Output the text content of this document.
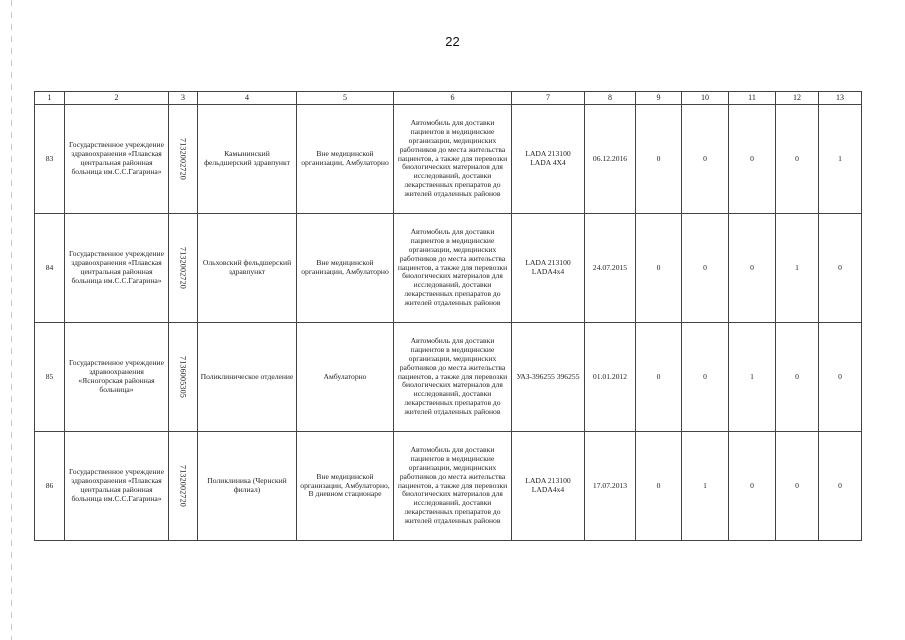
22
1	2	3	4	5	6	7	8	9	10	11	12	13
83	Государственное учреждение здравоохранения «Плавская центральная районная больница им.С.С.Гагарина»	7132002720	Камынинский фельдшерский здравпункт	Вне медицинской организации, Амбулаторно	Автомобиль для доставки пациентов в медицинские организации, медицинских работников до места жительства пациентов, а также для перевозки биологических материалов для исследований, доставки лекарственных препаратов до жителей отдаленных районов	LADA 213100 LADA 4X4	06.12.2016	0	0	0	0	1
84	Государственное учреждение здравоохранения «Плавская центральная районная больница им.С.С.Гагарина»	7132002720	Ольховский фельдшерский здравпункт	Вне медицинской организации, Амбулаторно	Автомобиль для доставки пациентов в медицинские организации, медицинских работников до места жительства пациентов, а также для перевозки биологических материалов для исследований, доставки лекарственных препаратов до жителей отдаленных районов	LADA 213100 LADA4x4	24.07.2015	0	0	0	1	0
85	Государственное учреждение здравоохранения «Ясногорская районная больница»	7136005305	Поликлиническое отделение	Амбулаторно	Автомобиль для доставки пациентов в медицинские организации, медицинских работников до места жительства пациентов, а также для перевозки биологических материалов для исследований, доставки лекарственных препаратов до жителей отдаленных районов	УАЗ-396255 396255	01.01.2012	0	0	1	0	0
86	Государственное учреждение здравоохранения «Плавская центральная районная больница им.С.С.Гагарина»	7132002720	Поликлиника (Чернский филиал)	Вне медицинской организации, Амбулаторно, В дневном стационаре	Автомобиль для доставки пациентов в медицинские организации, медицинских работников до места жительства пациентов, а также для перевозки биологических материалов для исследований, доставки лекарственных препаратов до жителей отдаленных районов	LADA 213100 LADA4x4	17.07.2013	0	1	0	0	0
